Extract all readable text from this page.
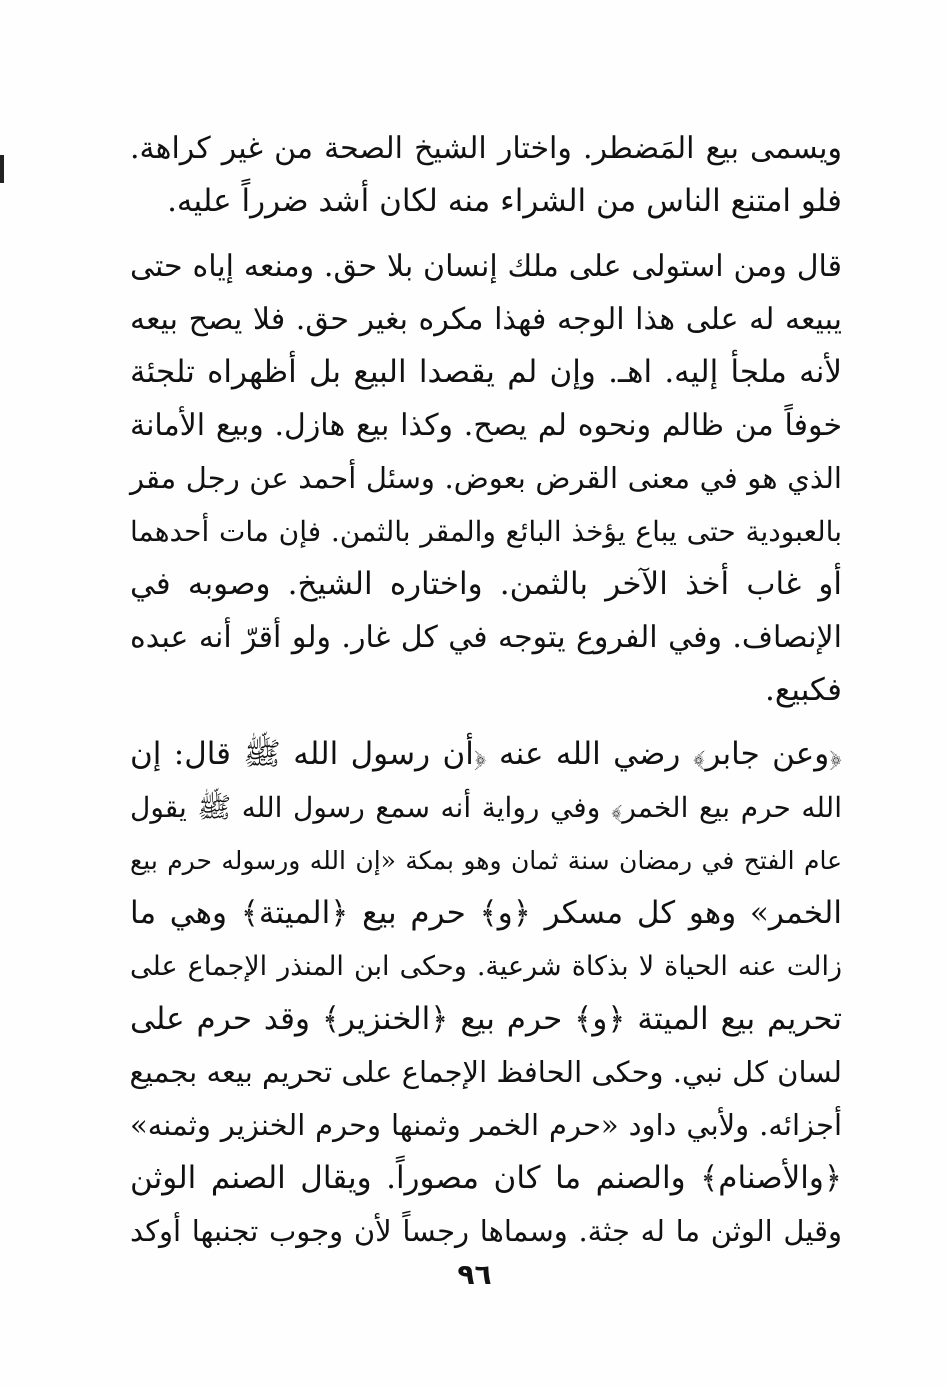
ويسمى بيع المَضطر. واختار الشيخ الصحة من غير كراهة.
فلو امتنع الناس من الشراء منه لكان أشد ضرراً عليه.
قال ومن استولى على ملك إنسان بلا حق. ومنعه إياه حتى
يبيعه له على هذا الوجه فهذا مكره بغير حق. فلا يصح بيعه
لأنه ملجأ إليه. اهـ. وإن لم يقصدا البيع بل أظهراه تلجئة
خوفاً من ظالم ونحوه لم يصح. وكذا بيع هازل. وبيع الأمانة
الذي هو في معنى القرض بعوض. وسئل أحمد عن رجل مقر
بالعبودية حتى يباع يؤخذ البائع والمقر بالثمن. فإن مات أحدهما
أو غاب أخذ الآخر بالثمن. واختاره الشيخ. وصوبه في
الإنصاف. وفي الفروع يتوجه في كل غار. ولو أقرّ أنه عبده
فكبيع.
﴿وعن جابر﴾ رضي الله عنه ﴿أن رسول الله ﷺ قال: إن
الله حرم بيع الخمر﴾ وفي رواية أنه سمع رسول الله ﷺ يقول
عام الفتح في رمضان سنة ثمان وهو بمكة «إن الله ورسوله حرم بيع
الخمر» وهو كل مسكر ﴿و﴾ حرم بيع ﴿الميتة﴾ وهي ما
زالت عنه الحياة لا بذكاة شرعية. وحكى ابن المنذر الإجماع على
تحريم بيع الميتة ﴿و﴾ حرم بيع ﴿الخنزير﴾ وقد حرم على
لسان كل نبي. وحكى الحافظ الإجماع على تحريم بيعه بجميع
أجزائه. ولأبي داود «حرم الخمر وثمنها وحرم الخنزير وثمنه»
﴿والأصنام﴾ والصنم ما كان مصوراً. ويقال الصنم الوثن
وقيل الوثن ما له جثة. وسماها رجساً لأن وجوب تجنبها أوكد
٩٦
